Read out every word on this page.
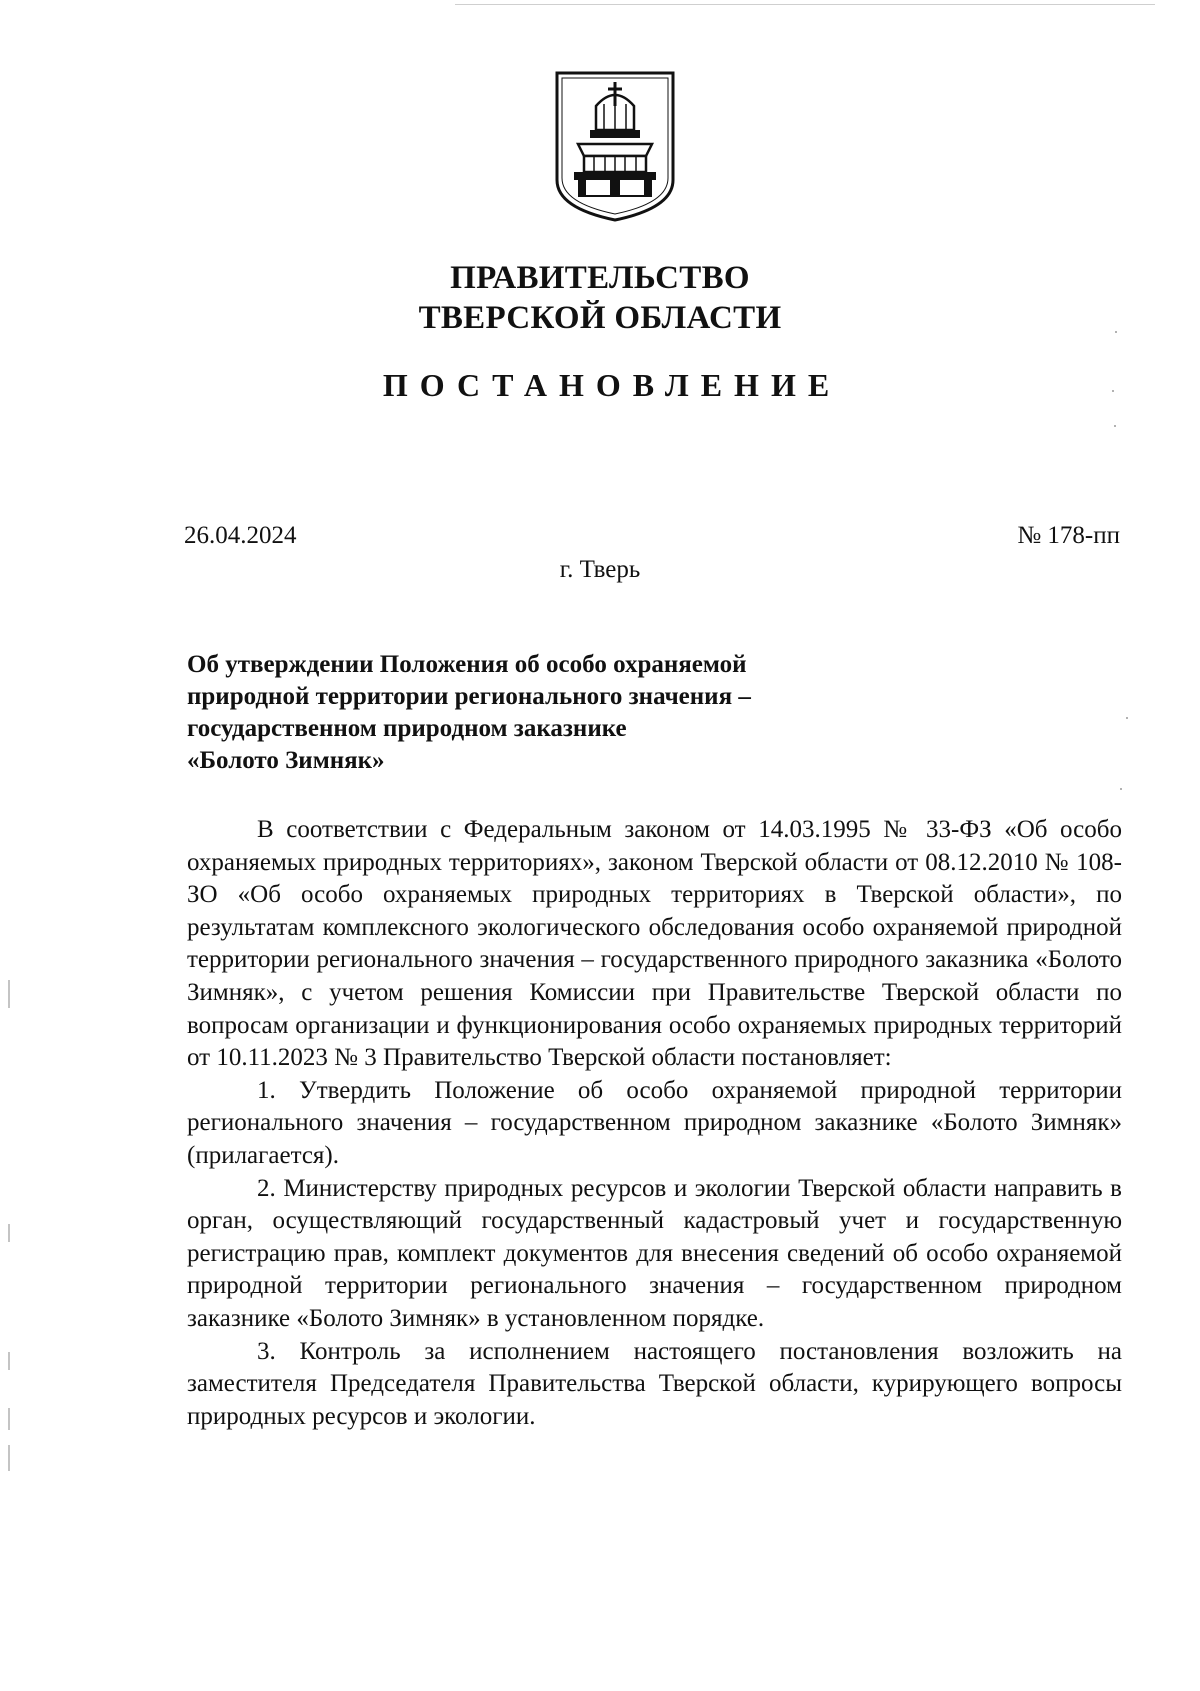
ПРАВИТЕЛЬСТВО
ТВЕРСКОЙ ОБЛАСТИ
ПОСТАНОВЛЕНИЕ
26.04.2024	№ 178-пп
г. Тверь
Об утверждении Положения об особо охраняемой
природной территории регионального значения –
государственном природном заказнике
«Болото Зимняк»

В соответствии с Федеральным законом от 14.03.1995 № 33-ФЗ «Об особо охраняемых природных территориях», законом Тверской области от 08.12.2010 № 108-ЗО «Об особо охраняемых природных территориях в Тверской области», по результатам комплексного экологического обследования особо охраняемой природной территории регионального значения – государственного природного заказника «Болото Зимняк», с учетом решения Комиссии при Правительстве Тверской области по вопросам организации и функционирования особо охраняемых природных территорий от 10.11.2023 № 3 Правительство Тверской области постановляет:

1. Утвердить Положение об особо охраняемой природной территории регионального значения – государственном природном заказнике «Болото Зимняк» (прилагается).

2. Министерству природных ресурсов и экологии Тверской области направить в орган, осуществляющий государственный кадастровый учет и государственную регистрацию прав, комплект документов для внесения сведений об особо охраняемой природной территории регионального значения – государственном природном заказнике «Болото Зимняк» в установленном порядке.

3. Контроль за исполнением настоящего постановления возложить на заместителя Председателя Правительства Тверской области, курирующего вопросы природных ресурсов и экологии.
